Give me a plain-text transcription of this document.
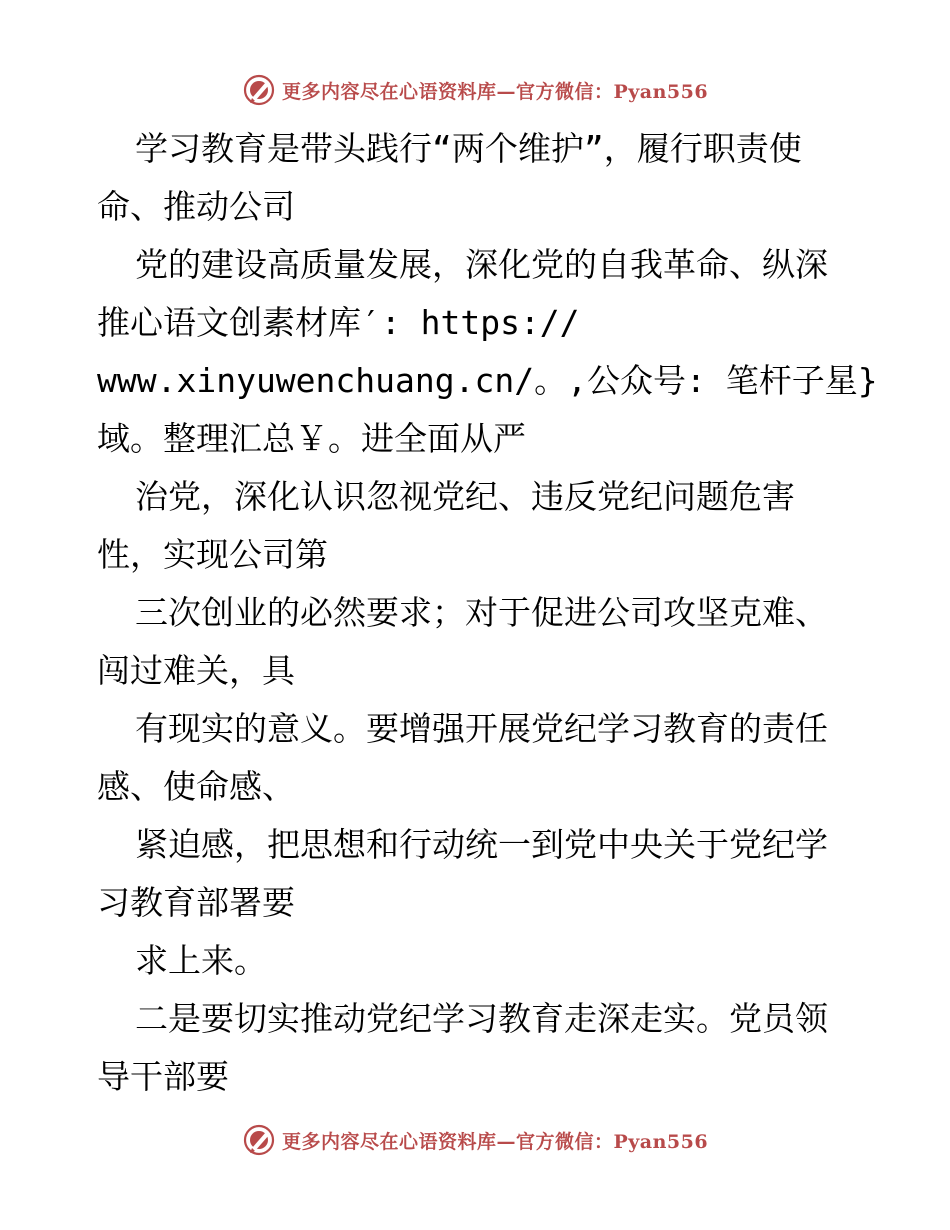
更多内容尽在心语资料库—官方微信：Pyan556
学习教育是带头践行“两个维护”，履行职责使
命、推动公司
党的建设高质量发展，深化党的自我革命、纵深
推心语文创素材库′: https://
www.xinyuwenchuang.cn/。,公众号: 笔杆子星}
域。整理汇总￥。进全面从严
治党，深化认识忽视党纪、违反党纪问题危害
性，实现公司第
三次创业的必然要求；对于促进公司攻坚克难、
闯过难关，具
有现实的意义。要增强开展党纪学习教育的责任
感、使命感、
紧迫感，把思想和行动统一到党中央关于党纪学
习教育部署要
求上来。
二是要切实推动党纪学习教育走深走实。党员领
导干部要
更多内容尽在心语资料库—官方微信：Pyan556
